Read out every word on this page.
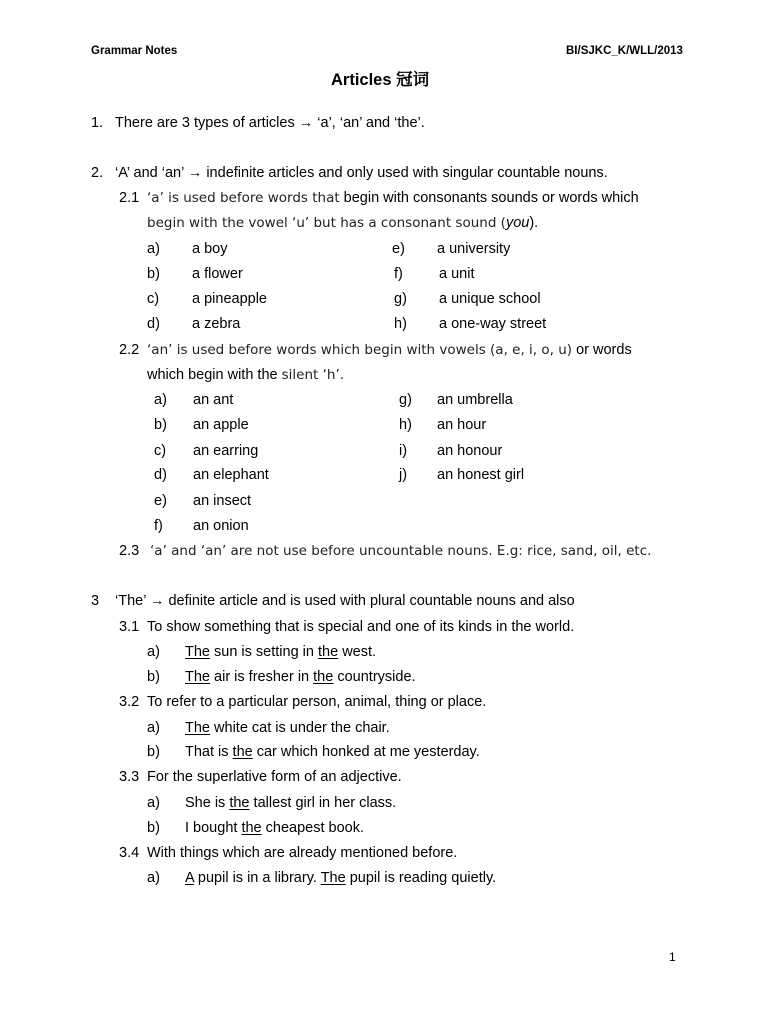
Grammar Notes	BI/SJKC_K/WLL/2013
Articles 冠词
1. There are 3 types of articles → ‘a’, ‘an’ and ‘the’.
2. ‘A’ and ‘an’ → indefinite articles and only used with singular countable nouns.
2.1 ‘a’ is used before words that begin with consonants sounds or words which
begin with the vowel ‘u’ but has a consonant sound (you).
a) a boy
b) a flower
c) a pineapple
d) a zebra
e) a university
f) a unit
g) a unique school
h) a one-way street
2.2 ‘an’ is used before words which begin with vowels (a, e, i, o, u) or words
which begin with the silent ‘h’.
a) an ant
b) an apple
c) an earring
d) an elephant
e) an insect
f) an onion
g) an umbrella
h) an hour
i) an honour
j) an honest girl
2.3 ‘a’ and ‘an’ are not use before uncountable nouns. E.g: rice, sand, oil, etc.
3 ‘The’ → definite article and is used with plural countable nouns and also
3.1 To show something that is special and one of its kinds in the world.
a) The sun is setting in the west.
b) The air is fresher in the countryside.
3.2 To refer to a particular person, animal, thing or place.
a) The white cat is under the chair.
b) That is the car which honked at me yesterday.
3.3 For the superlative form of an adjective.
a) She is the tallest girl in her class.
b) I bought the cheapest book.
3.4 With things which are already mentioned before.
a) A pupil is in a library. The pupil is reading quietly.
1
